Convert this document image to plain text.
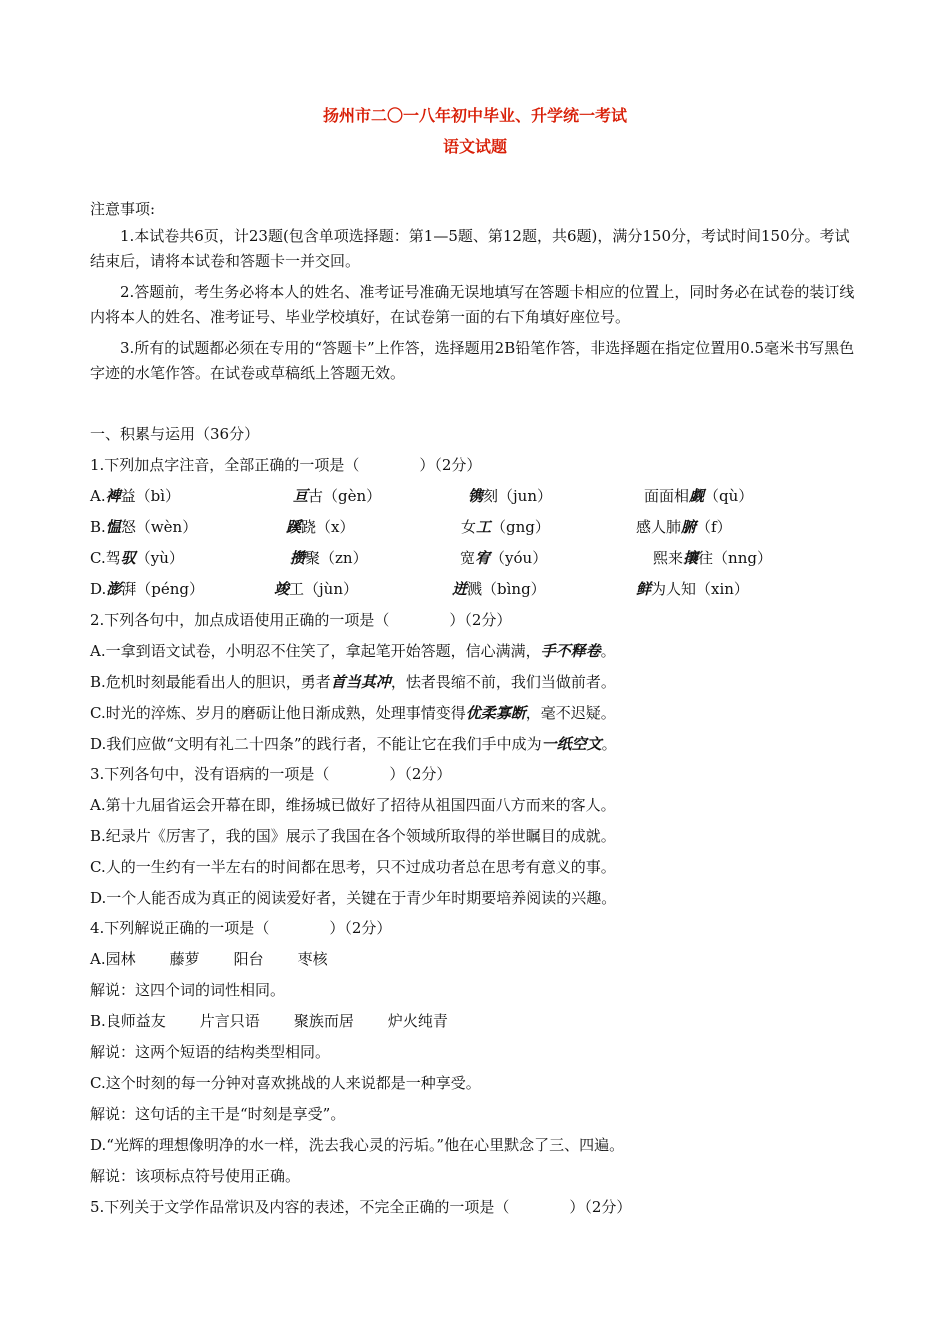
扬州市二〇一八年初中毕业、升学统一考试
语文试题
注意事项:
1.本试卷共6页，计23题(包含单项选择题：第1—5题、第12题，共6题)，满分150分，考试时间150分。考试结束后，请将本试卷和答题卡一并交回。
2.答题前，考生务必将本人的姓名、准考证号准确无误地填写在答题卡相应的位置上，同时务必在试卷的装订线内将本人的姓名、准考证号、毕业学校填好，在试卷第一面的右下角填好座位号。
3.所有的试题都必须在专用的“答题卡”上作答，选择题用2B铅笔作答，非选择题在指定位置用0.5毫米书写黑色字迹的水笔作答。在试卷或草稿纸上答题无效。
一、积累与运用（36分）
1.下列加点字注音，全部正确的一项是（　　　　）（2分）
A.裨益（bì）	亘古（gèn）	镌刻（jun）	面面相觑（qù）
B.愠怒（wèn）	蹊跷（x）	女工（gng）	感人肺腑（f）
C.驾驭（yù）	攒聚（zn）	宽宥（yóu）	熙来攘往（nng）
D.澎湃（péng）	竣工（jùn）	迸溅（bìng）	鲜为人知（xin）
2.下列各句中，加点成语使用正确的一项是（　　　　）（2分）
A.一拿到语文试卷，小明忍不住笑了，拿起笔开始答题，信心满满，手不释卷。
B.危机时刻最能看出人的胆识，勇者首当其冲，怯者畏缩不前，我们当做前者。
C.时光的淬炼、岁月的磨砺让他日渐成熟，处理事情变得优柔寡断，毫不迟疑。
D.我们应做“文明有礼二十四条”的践行者，不能让它在我们手中成为一纸空文。
3.下列各句中，没有语病的一项是（　　　　）（2分）
A.第十九届省运会开幕在即，维扬城已做好了招待从祖国四面八方而来的客人。
B.纪录片《厉害了，我的国》展示了我国在各个领域所取得的举世瞩目的成就。
C.人的一生约有一半左右的时间都在思考，只不过成功者总在思考有意义的事。
D.一个人能否成为真正的阅读爱好者，关键在于青少年时期要培养阅读的兴趣。
4.下列解说正确的一项是（　　　　）（2分）
A.园林 藤萝 阳台 枣核
解说：这四个词的词性相同。
B.良师益友 片言只语 聚族而居 炉火纯青
解说：这两个短语的结构类型相同。
C.这个时刻的每一分钟对喜欢挑战的人来说都是一种享受。
解说：这句话的主干是“时刻是享受”。
D.“光辉的理想像明净的水一样，洗去我心灵的污垢。”他在心里默念了三、四遍。
解说：该项标点符号使用正确。
5.下列关于文学作品常识及内容的表述，不完全正确的一项是（　　　　）（2分）
